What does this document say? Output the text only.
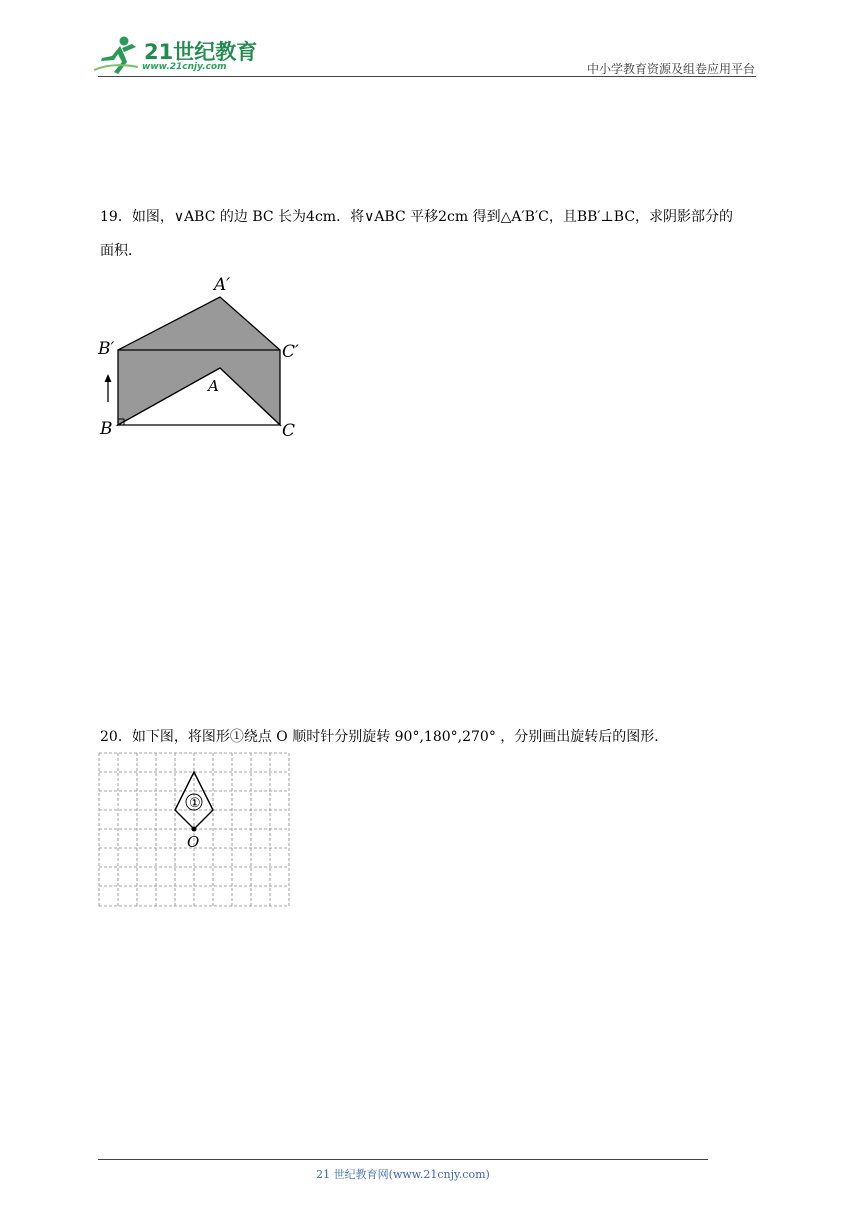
21世纪教育
www.21cnjy.com	中小学教育资源及组卷应用平台
19．如图，∨ABC 的边 BC 长为4cm．将∨ABC 平移2cm 得到△A′B′C，且BB′⊥BC，求阴影部分的
面积．
A′
B′	C′
A
B	C
20．如下图，将图形①绕点 O 顺时针分别旋转 90°,180°,270° ，分别画出旋转后的图形．
①
O
21 世纪教育网(www.21cnjy.com)
